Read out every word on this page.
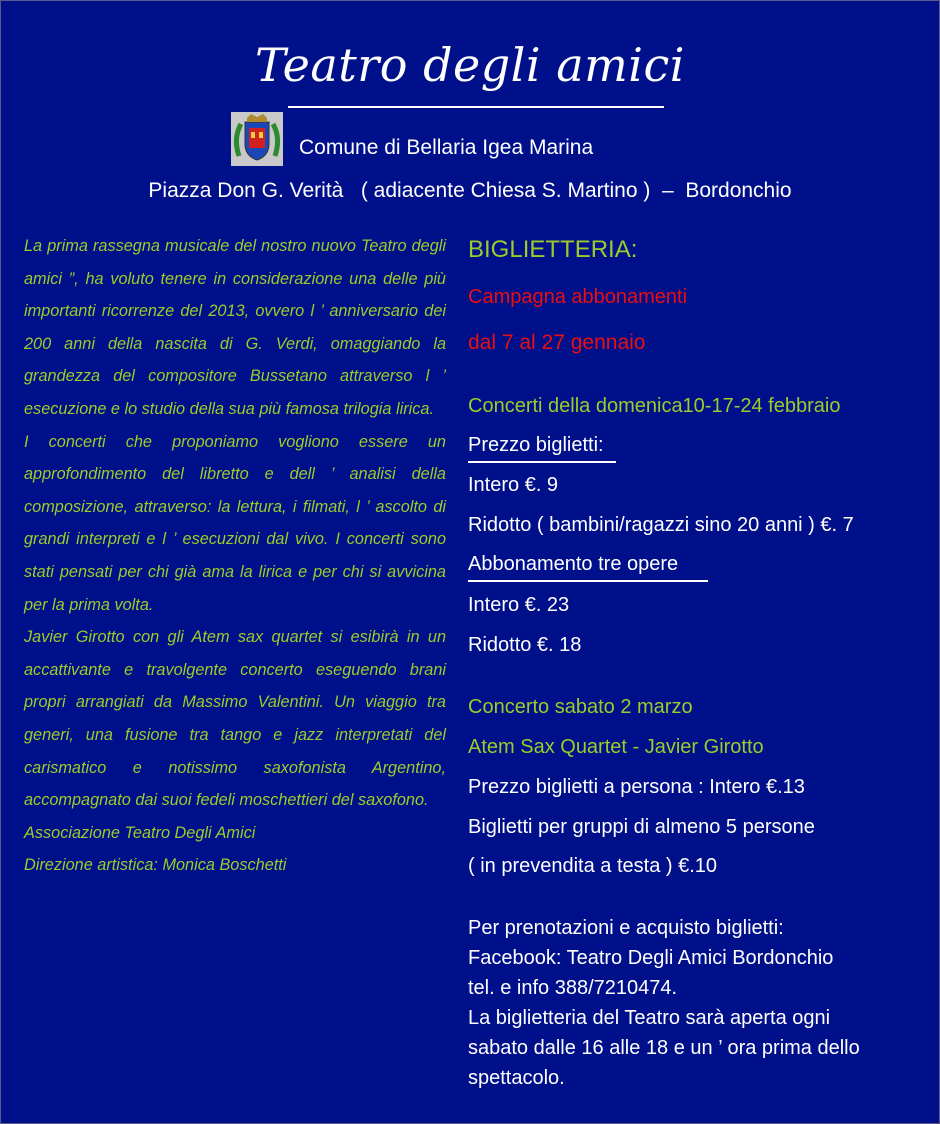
Teatro degli amici
Comune di Bellaria Igea Marina
Piazza Don G. Verità   ( adiacente Chiesa S. Martino )  –  Bordonchio

La prima rassegna musicale del nostro nuovo Teatro degli amici ”, ha voluto tenere in considerazione una delle più importanti ricorrenze del 2013, ovvero l ’ anniversario dei 200 anni della nascita di G. Verdi, omaggiando la grandezza del compositore Bussetano attraverso l ’ esecuzione e lo studio della sua più famosa trilogia lirica.

I concerti che proponiamo vogliono essere un approfondimento del libretto e dell ’ analisi della composizione, attraverso: la lettura, i filmati, l ’ ascolto di grandi interpreti e l ’ esecuzioni dal vivo. I concerti sono stati pensati per chi già ama la lirica e per chi si avvicina per la prima volta.

Javier Girotto con gli Atem sax quartet si esibirà in un accattivante e travolgente concerto eseguendo brani propri arrangiati da Massimo Valentini. Un viaggio tra generi, una fusione tra tango e jazz interpretati del carismatico e notissimo saxofonista Argentino, accompagnato dai suoi fedeli moschettieri del saxofono.

Associazione Teatro Degli Amici

Direzione artistica: Monica Boschetti

BIGLIETTERIA:
Campagna abbonamenti
dal 7 al 27 gennaio
Concerti della domenica10-17-24 febbraio
Prezzo biglietti:
Intero €. 9
Ridotto ( bambini/ragazzi sino 20 anni ) €. 7
Abbonamento tre opere
Intero €. 23
Ridotto €. 18
Concerto sabato 2 marzo
Atem Sax Quartet - Javier Girotto
Prezzo biglietti a persona : Intero €.13
Biglietti per gruppi di almeno 5 persone
( in prevendita a testa ) €.10
Per prenotazioni e acquisto biglietti:
Facebook: Teatro Degli Amici Bordonchio
tel. e info 388/7210474.
La biglietteria del Teatro sarà aperta ogni
sabato dalle 16 alle 18 e un ’ ora prima dello
spettacolo.
